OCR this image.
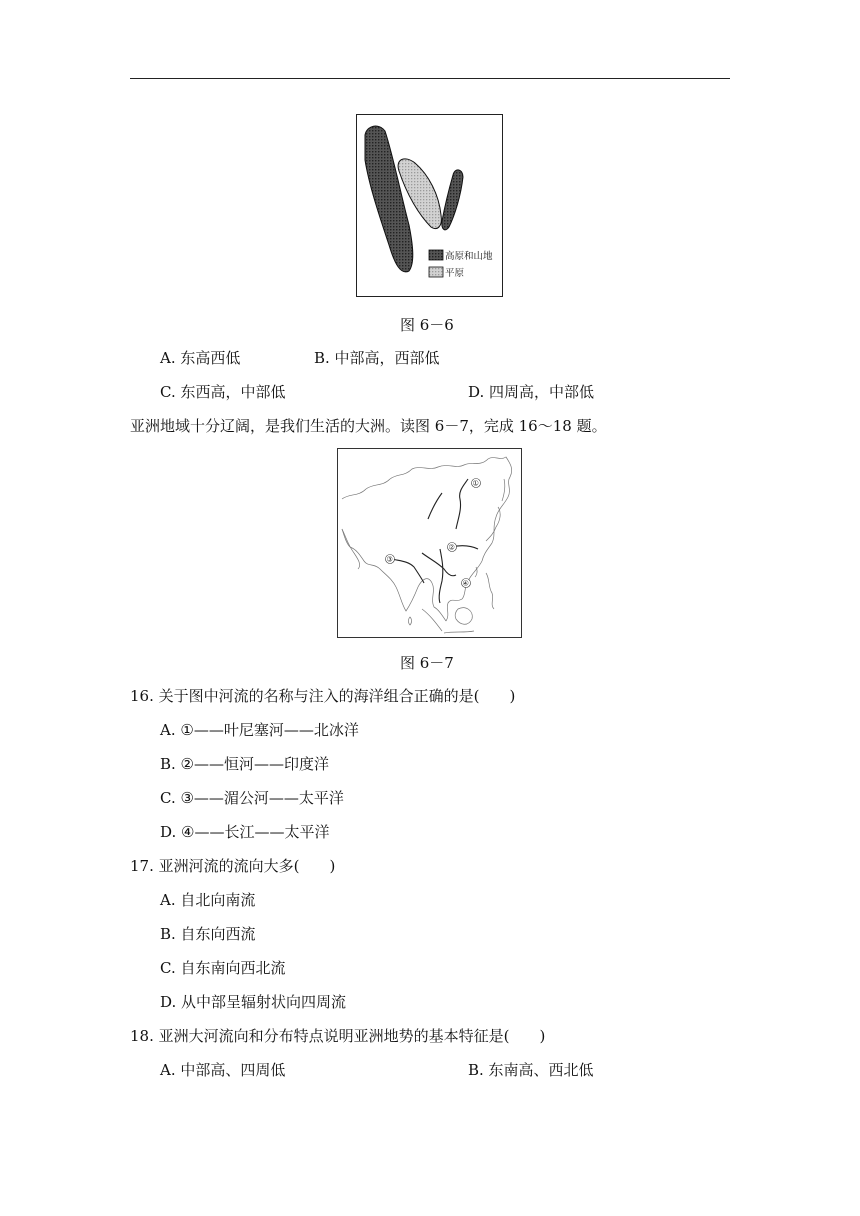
高原和山地
平原
图 6－6
A. 东高西低	B. 中部高，西部低
C. 东西高，中部低	D. 四周高，中部低
亚洲地域十分辽阔，是我们生活的大洲。读图 6－7，完成 16～18 题。
①
②
③
④
图 6－7
16. 关于图中河流的名称与注入的海洋组合正确的是(　　)
A. ①——叶尼塞河——北冰洋
B. ②——恒河——印度洋
C. ③——湄公河——太平洋
D. ④——长江——太平洋
17. 亚洲河流的流向大多(　　)
A. 自北向南流
B. 自东向西流
C. 自东南向西北流
D. 从中部呈辐射状向四周流
18. 亚洲大河流向和分布特点说明亚洲地势的基本特征是(　　)
A. 中部高、四周低	B. 东南高、西北低
